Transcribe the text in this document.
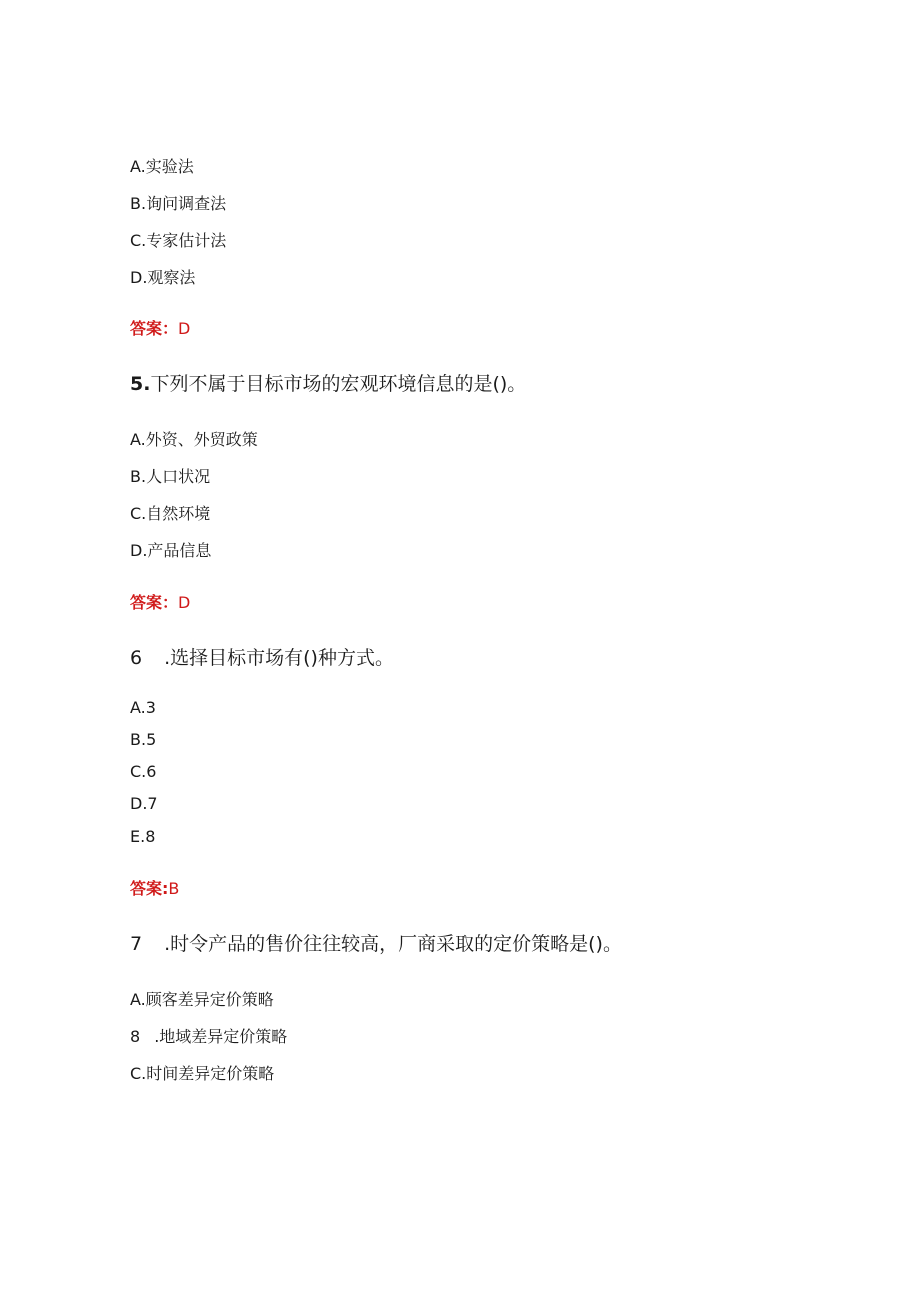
A.实验法
B.询问调查法
C.专家估计法
D.观察法
答案：D
5.下列不属于目标市场的宏观环境信息的是()。
A.外资、外贸政策
B.人口状况
C.自然环境
D.产品信息
答案：D
6 .选择目标市场有()种方式。
A.3
B.5
C.6
D.7
E.8
答案:B
7 .时令产品的售价往往较高，厂商采取的定价策略是()。
A.顾客差异定价策略
8 .地域差异定价策略
C.时间差异定价策略
